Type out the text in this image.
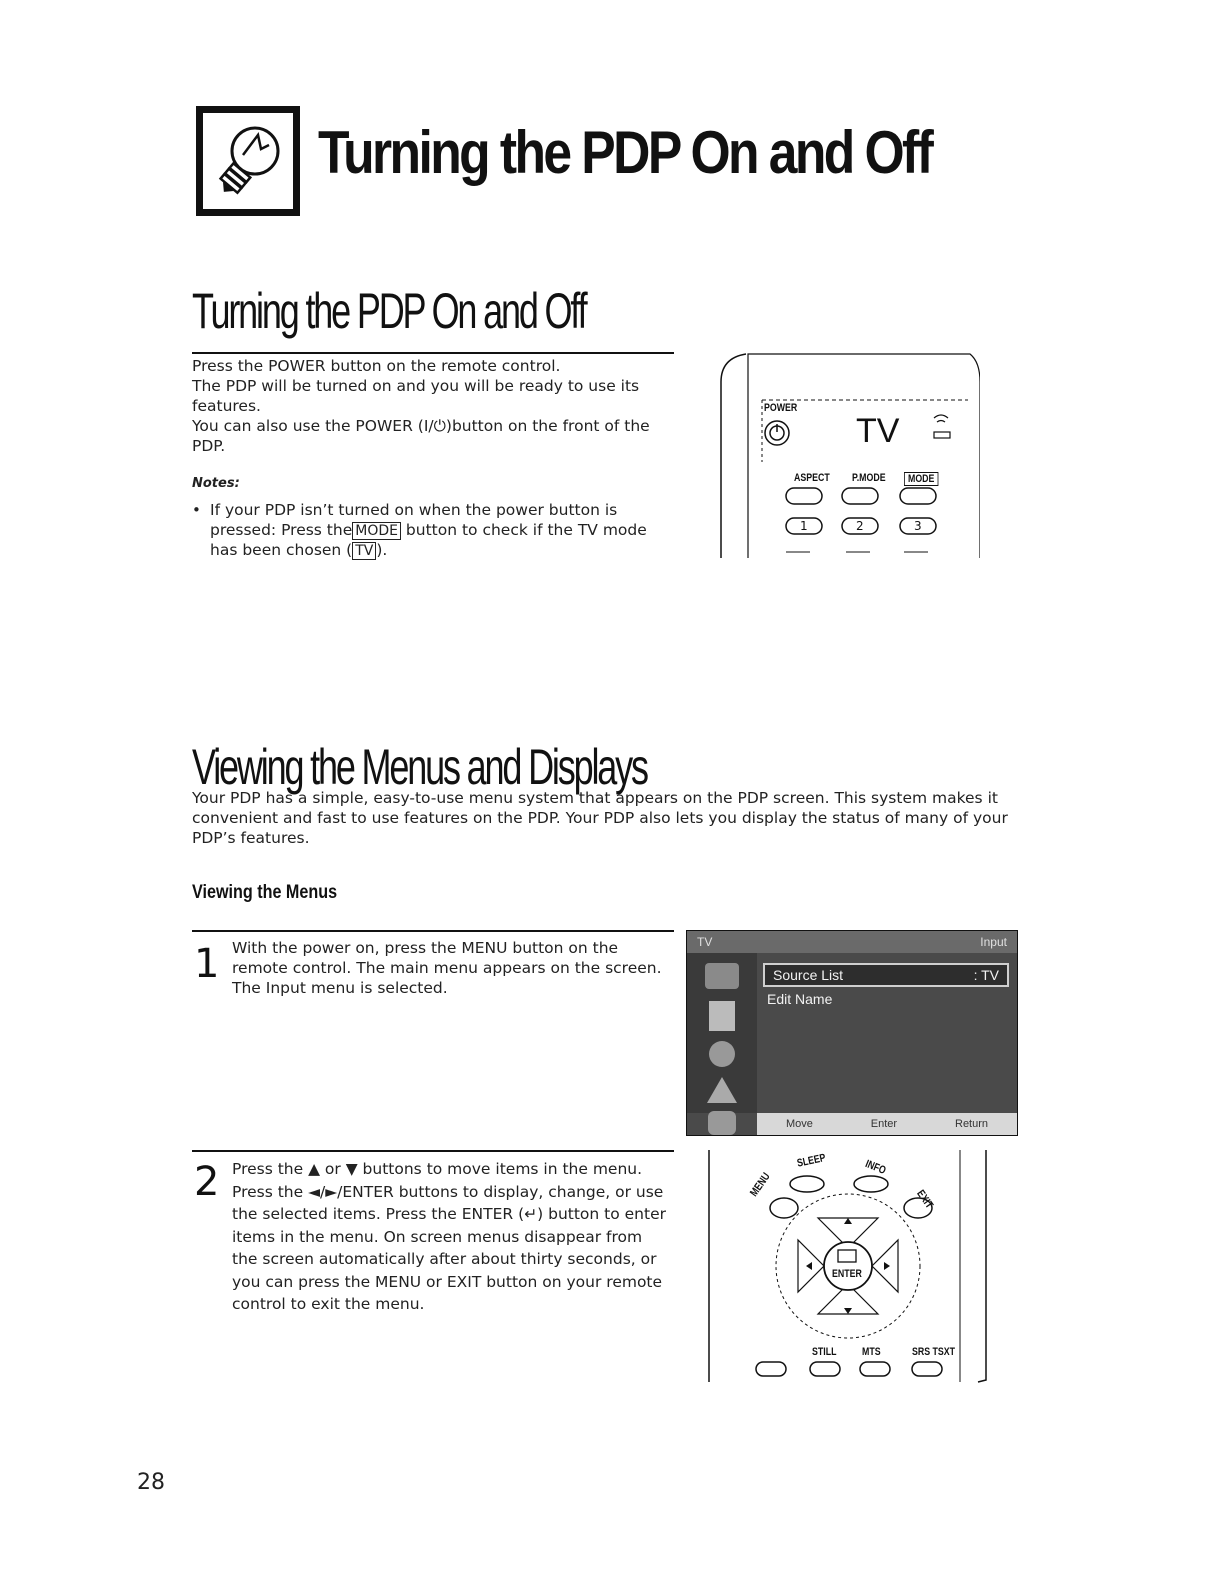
Turning the PDP On and Off
Turning the PDP On and Off

Press the POWER button on the remote control.

The PDP will be turned on and you will be ready to use its features.

You can also use the POWER (I/⏻)button on the front of the PDP.

Notes:
• If your PDP isn’t turned on when the power button is pressed: Press the MODE button to check if the TV mode has been chosen ( TV ).
POWER
TV
ASPECT P.MODE	MODE
1	2	3
Viewing the Menus and Displays

Your PDP has a simple, easy-to-use menu system that appears on the PDP screen. This system makes it convenient and fast to use features on the PDP. Your PDP also lets you display the status of many of your PDP’s features.

Viewing the Menus
1 With the power on, press the MENU button on the remote control. The main menu appears on the screen. The Input menu is selected.

TV	Input
Source List	: TV
Edit Name
Move	Enter	Return
2 Press the ▲ or ▼ buttons to move items in the menu. Press the ◄/►/ENTER buttons to display, change, or use the selected items. Press the ENTER (↵) button to enter items in the menu. On screen menus disappear from the screen automatically after about thirty seconds, or you can press the MENU or EXIT button on your remote control to exit the menu.

SLEEP	INFO
MENU
EXIT
ENTER
STILL MTS	SRS TSXT
28
